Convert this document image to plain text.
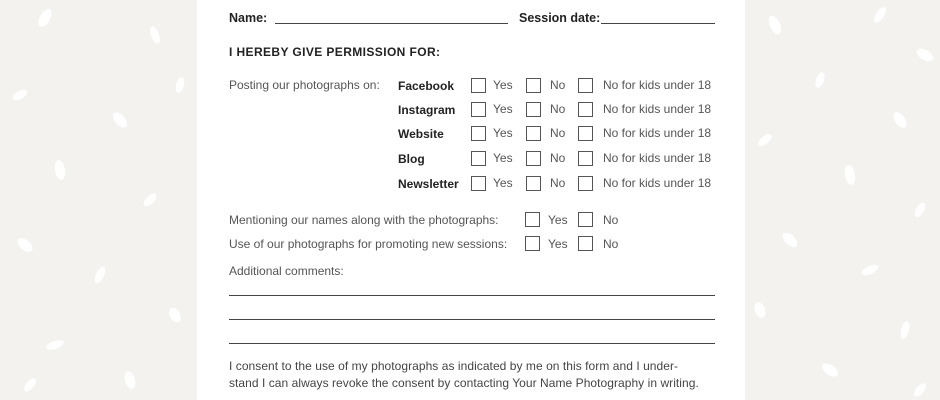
Name:	Session date:
I HEREBY GIVE PERMISSION FOR:
Posting our photographs on: Facebook	Yes	No	No for kids under 18
Instagram	Yes	No	No for kids under 18
Website	Yes	No	No for kids under 18
Blog	Yes	No	No for kids under 18
Newsletter	Yes	No	No for kids under 18
Mentioning our names along with the photographs:	Yes	No
Use of our photographs for promoting new sessions:	Yes	No
Additional comments:
I consent to the use of my photographs as indicated by me on this form and I under-
stand I can always revoke the consent by contacting Your Name Photography in writing.
